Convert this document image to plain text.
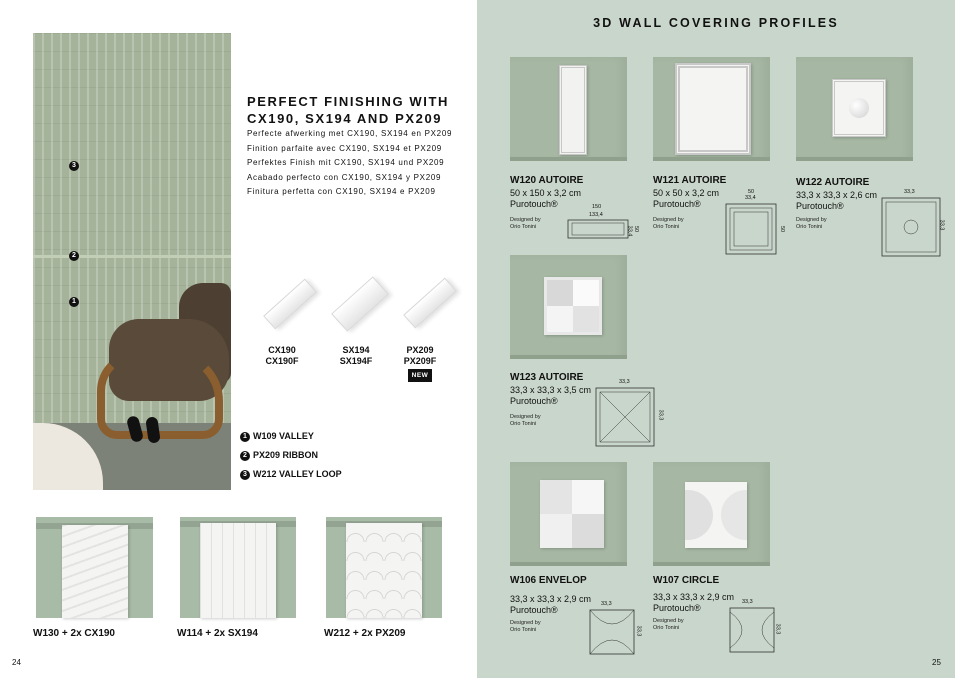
3
2
1
PERFECT FINISHING WITH CX190, SX194 AND PX209
Perfecte afwerking met CX190, SX194 en PX209
Finition parfaite avec CX190, SX194 et PX209
Perfektes Finish mit CX190, SX194 und PX209
Acabado perfecto con CX190, SX194 y PX209
Finitura perfetta con CX190, SX194 e PX209
CX190
CX190F
SX194
SX194F
PX209
PX209F
NEW
1 W109 VALLEY
2 PX209 RIBBON
3 W212 VALLEY LOOP
W130 + 2x CX190	W114 + 2x SX194	W212 + 2x PX209
24
3D WALL COVERING PROFILES
W120 AUTOIRE
50 x 150 x 3,2 cm
Purotouch®
Designed by
Orio Tonini
150
133,4
50
33,4
W121 AUTOIRE
50 x 50 x 3,2 cm
Purotouch®
Designed by
Orio Tonini
50
33,4
50
W122 AUTOIRE
33,3 x 33,3 x 2,6 cm
Purotouch®
Designed by
Orio Tonini
33,3
33,3
W123 AUTOIRE
33,3 x 33,3 x 3,5 cm
Purotouch®
Designed by
Orio Tonini
33,3
33,3
W106 ENVELOP
33,3 x 33,3 x 2,9 cm
Purotouch®
Designed by
Orio Tonini
33,3
33,3
W107 CIRCLE
33,3 x 33,3 x 2,9 cm
Purotouch®
Designed by
Orio Tonini
33,3
33,3
25
